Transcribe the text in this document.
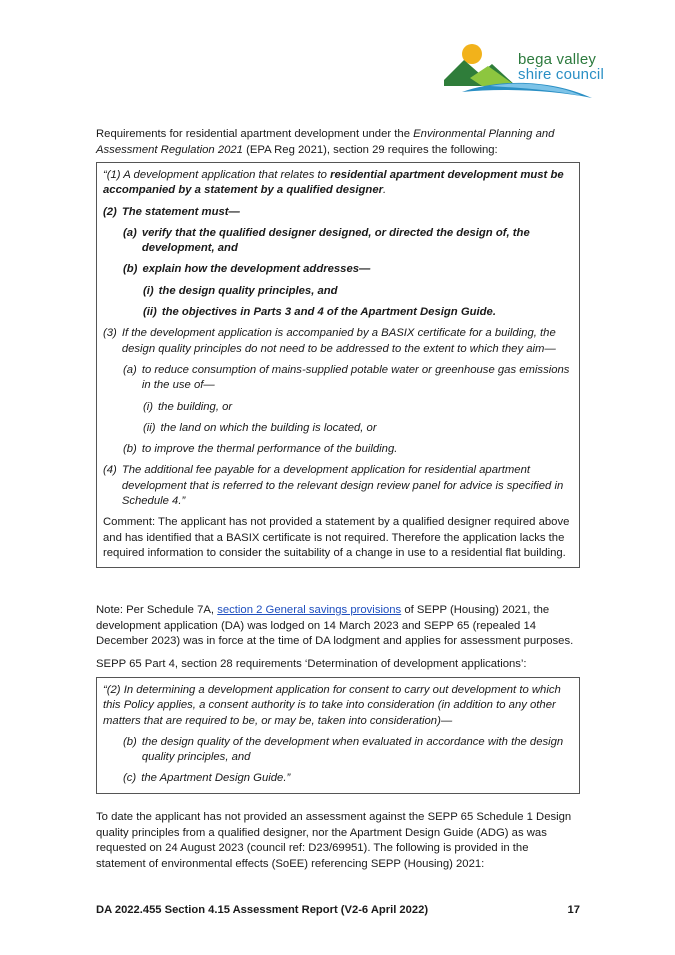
bega valley
shire council

Requirements for residential apartment development under the Environmental Planning and Assessment Regulation 2021 (EPA Reg 2021), section 29 requires the following:

“(1) A development application that relates to residential apartment development must be accompanied by a statement by a qualified designer.

(2) The statement must—
(a) verify that the qualified designer designed, or directed the design of, the development, and
(b) explain how the development addresses—
(i) the design quality principles, and
(ii) the objectives in Parts 3 and 4 of the Apartment Design Guide.
(3) If the development application is accompanied by a BASIX certificate for a building, the design quality principles do not need to be addressed to the extent to which they aim—
(a) to reduce consumption of mains-supplied potable water or greenhouse gas emissions in the use of—
(i) the building, or
(ii) the land on which the building is located, or
(b) to improve the thermal performance of the building.
(4) The additional fee payable for a development application for residential apartment development that is referred to the relevant design review panel for advice is specified in Schedule 4.”

Comment: The applicant has not provided a statement by a qualified designer required above and has identified that a BASIX certificate is not required. Therefore the application lacks the required information to consider the suitability of a change in use to a residential flat building.

Note: Per Schedule 7A, section 2 General savings provisions of SEPP (Housing) 2021, the development application (DA) was lodged on 14 March 2023 and SEPP 65 (repealed 14 December 2023) was in force at the time of DA lodgment and applies for assessment purposes.

SEPP 65 Part 4, section 28 requirements ‘Determination of development applications’:

“(2) In determining a development application for consent to carry out development to which this Policy applies, a consent authority is to take into consideration (in addition to any other matters that are required to be, or may be, taken into consideration)—

(b) the design quality of the development when evaluated in accordance with the design quality principles, and
(c) the Apartment Design Guide.”

To date the applicant has not provided an assessment against the SEPP 65 Schedule 1 Design quality principles from a qualified designer, nor the Apartment Design Guide (ADG) as was requested on 24 August 2023 (council ref: D23/69951). The following is provided in the statement of environmental effects (SoEE) referencing SEPP (Housing) 2021:

DA 2022.455 Section 4.15 Assessment Report (V2-6 April 2022)	17
